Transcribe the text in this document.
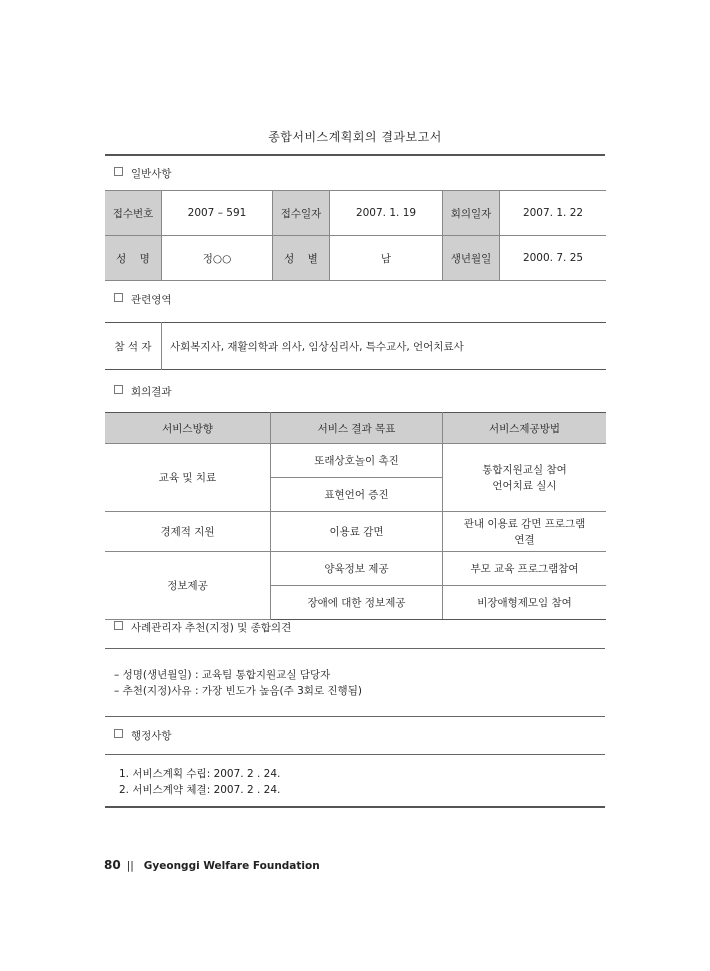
종합서비스계획회의 결과보고서
일반사항
접수번호	2007 – 591	접수일자	2007. 1. 19	회의일자	2007. 1. 22
성    명	정○○	성    별	남	생년월일	2000. 7. 25
관련영역
참 석 자	사회복지사, 재활의학과 의사, 임상심리사, 특수교사, 언어치료사
회의결과
서비스방향	서비스 결과 목표	서비스제공방법
교육 및 치료	또래상호놀이 촉진	통합지원교실 참여
언어치료 실시

	표현언어 증진	
경제적 지원	이용료 감면	관내 이용료 감면 프로그램
연결

정보제공	양육정보 제공	부모 교육 프로그램참여
	장애에 대한 정보제공	비장애형제모임 참여
사례관리자 추천(지정) 및 종합의견
– 성명(생년월일) : 교육팀 통합지원교실 담당자
– 추천(지정)사유 : 가장 빈도가 높음(주 3회로 진행됨)
행정사항
1. 서비스계획 수립: 2007. 2 . 24.
2. 서비스계약 체결: 2007. 2 . 24.
80 || Gyeonggi Welfare Foundation
